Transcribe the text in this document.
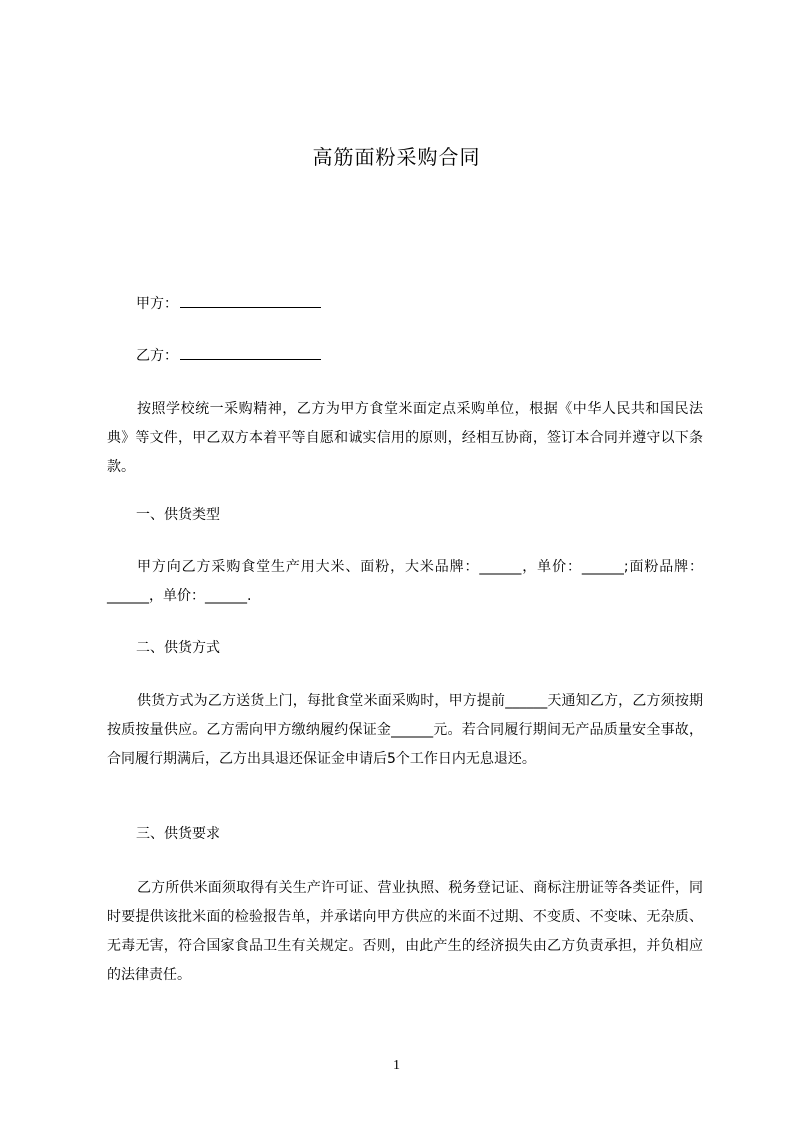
高筋面粉采购合同
甲方：
乙方：
按照学校统一采购精神，乙方为甲方食堂米面定点采购单位，根据《中华人民共和国民法典》等文件，甲乙双方本着平等自愿和诚实信用的原则，经相互协商，签订本合同并遵守以下条款。
一、供货类型
甲方向乙方采购食堂生产用大米、面粉，大米品牌：______，单价：______;面粉品牌：______，单价：______.
二、供货方式
供货方式为乙方送货上门，每批食堂米面采购时，甲方提前______天通知乙方，乙方须按期按质按量供应。乙方需向甲方缴纳履约保证金______元。若合同履行期间无产品质量安全事故，合同履行期满后，乙方出具退还保证金申请后5个工作日内无息退还。
三、供货要求
乙方所供米面须取得有关生产许可证、营业执照、税务登记证、商标注册证等各类证件，同时要提供该批米面的检验报告单，并承诺向甲方供应的米面不过期、不变质、不变味、无杂质、无毒无害，符合国家食品卫生有关规定。否则，由此产生的经济损失由乙方负责承担，并负相应的法律责任。
1
